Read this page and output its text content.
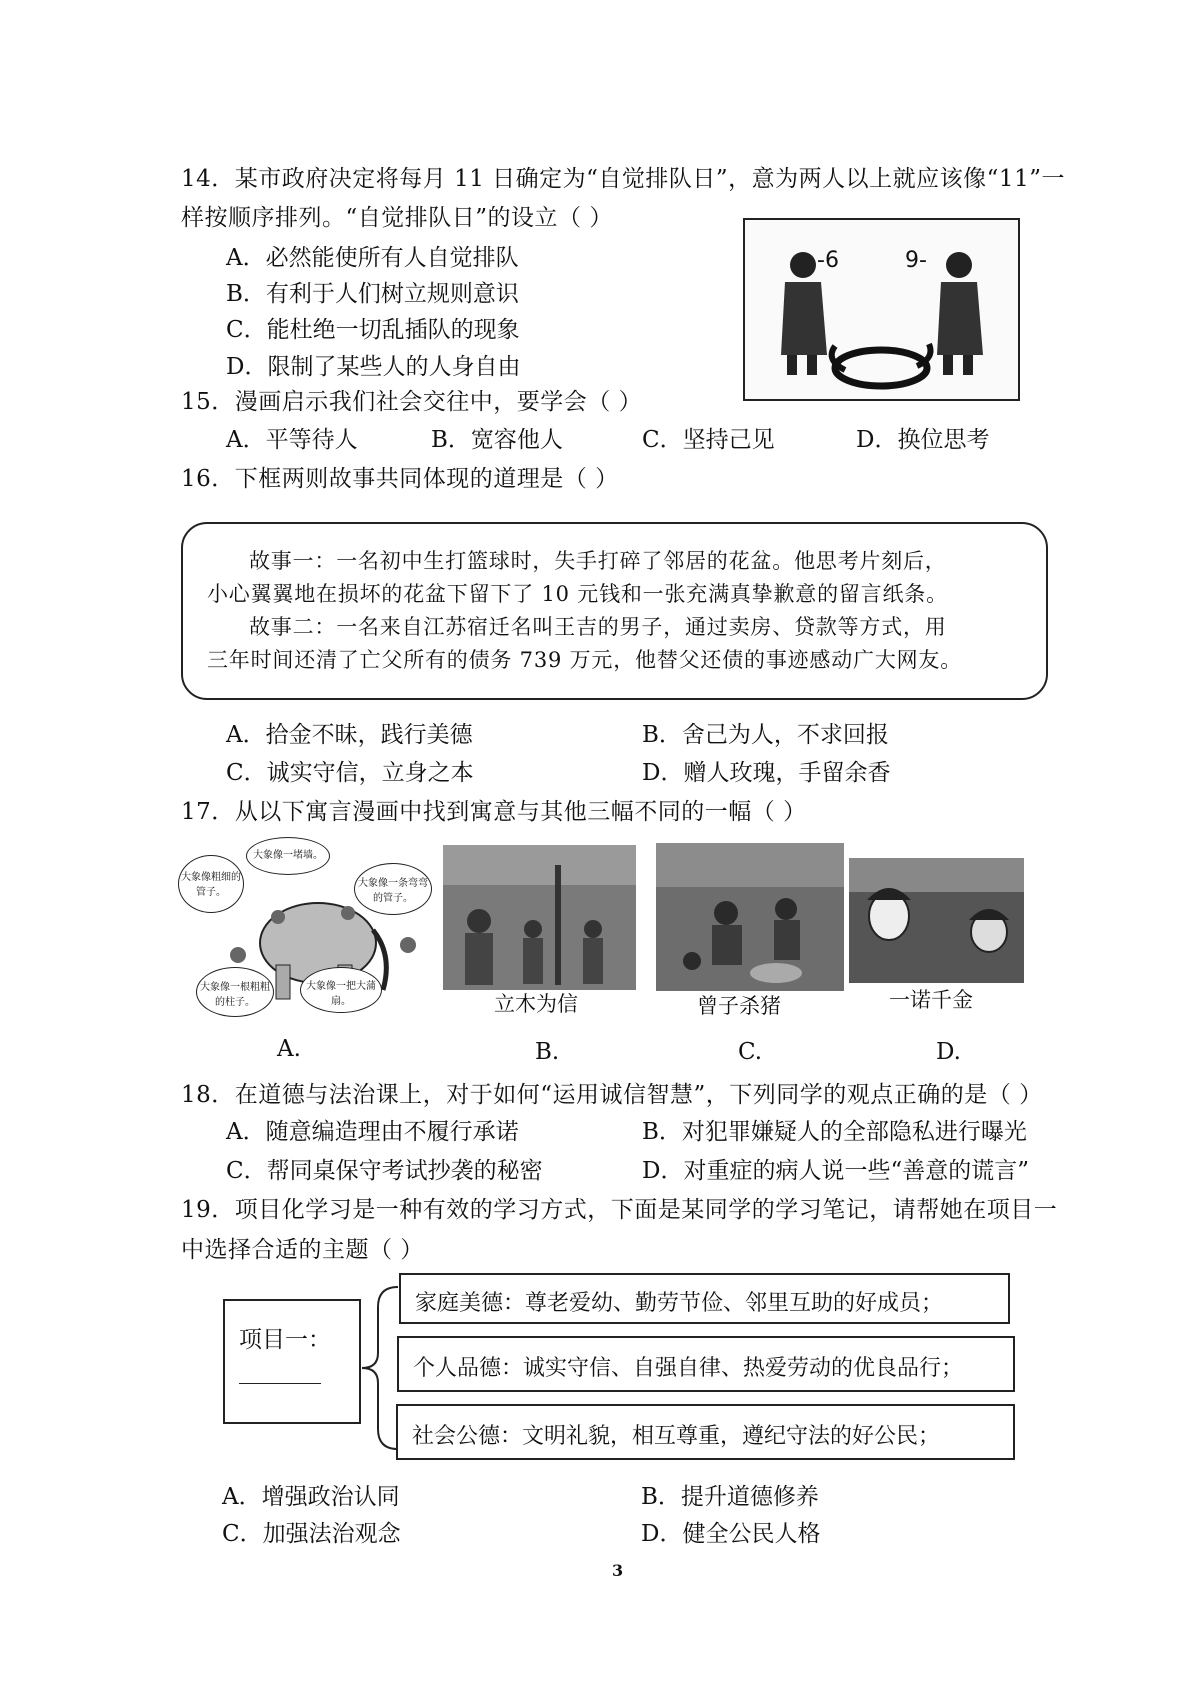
14．某市政府决定将每月 11 日确定为“自觉排队日”，意为两人以上就应该像“11”一
样按顺序排列。“自觉排队日”的设立（ ）
A．必然能使所有人自觉排队
B．有利于人们树立规则意识
C．能杜绝一切乱插队的现象
D．限制了某些人的人身自由
-6	9-
15．漫画启示我们社会交往中，要学会（ ）
A．平等待人	B．宽容他人	C．坚持己见	D．换位思考
16．下框两则故事共同体现的道理是（ ）
故事一：一名初中生打篮球时，失手打碎了邻居的花盆。他思考片刻后，
小心翼翼地在损坏的花盆下留下了 10 元钱和一张充满真挚歉意的留言纸条。
故事二：一名来自江苏宿迁名叫王吉的男子，通过卖房、贷款等方式，用
三年时间还清了亡父所有的债务 739 万元，他替父还债的事迹感动广大网友。
A．拾金不昧，践行美德	B．舍己为人，不求回报
C．诚实守信，立身之本	D．赠人玫瑰，手留余香
17．从以下寓言漫画中找到寓意与其他三幅不同的一幅（ ）
大象像粗细的管子。
大象像一堵墙。
大象像一条弯弯的管子。
大象像一根粗粗的柱子。
大象像一把大蒲扇。	立木为信	曾子杀猪	一诺千金
A.	B.	C.	D.
18．在道德与法治课上，对于如何“运用诚信智慧”，下列同学的观点正确的是（ ）
A．随意编造理由不履行承诺	B．对犯罪嫌疑人的全部隐私进行曝光
C．帮同桌保守考试抄袭的秘密	D．对重症的病人说一些“善意的谎言”
19．项目化学习是一种有效的学习方式，下面是某同学的学习笔记，请帮她在项目一
中选择合适的主题（ ）
项目一：
家庭美德：尊老爱幼、勤劳节俭、邻里互助的好成员；
个人品德：诚实守信、自强自律、热爱劳动的优良品行；
社会公德：文明礼貌，相互尊重，遵纪守法的好公民；
A．增强政治认同	B．提升道德修养
C．加强法治观念	D．健全公民人格
3
